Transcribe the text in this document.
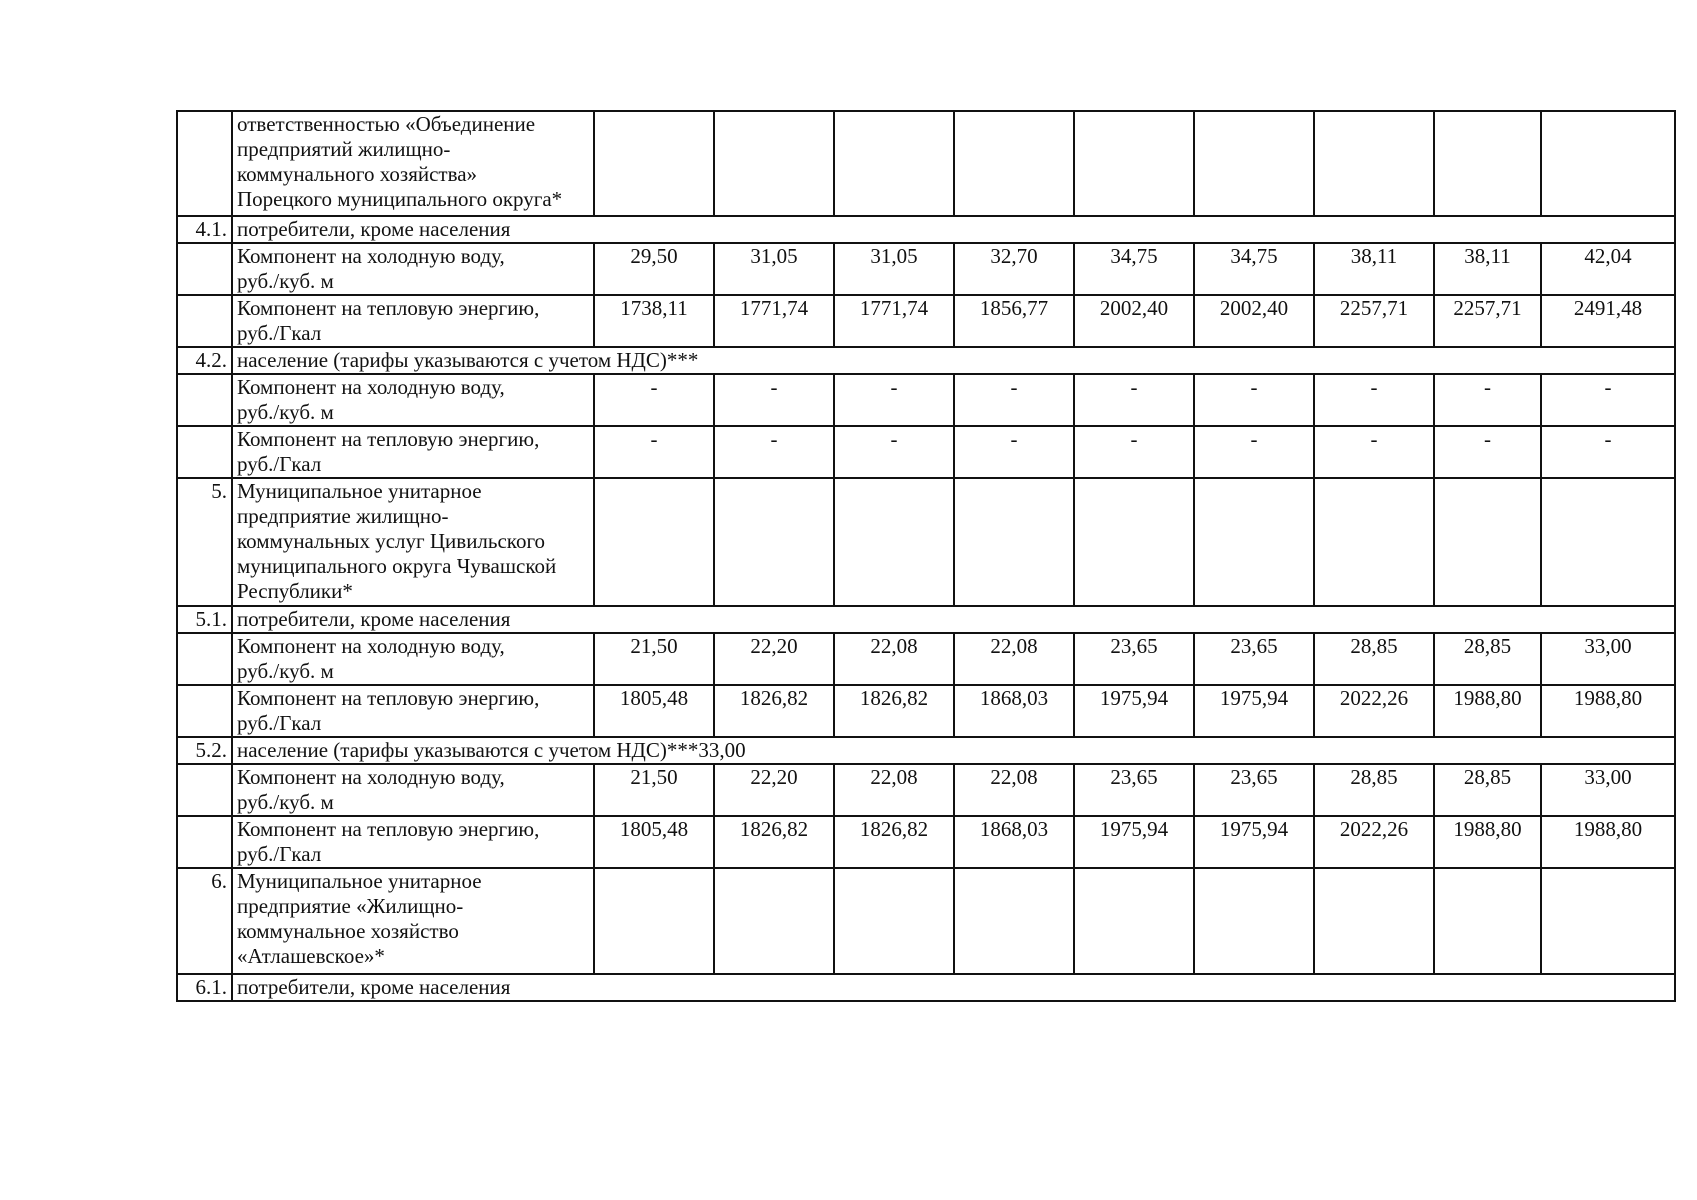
	ответственностью «Объединение
предприятий жилищно-
коммунального хозяйства»
Порецкого муниципального округа*									
4.1.	потребители, кроме населения									
	Компонент на холодную воду,
руб./куб. м	29,50	31,05	31,05	32,70	34,75	34,75	38,11	38,11	42,04
	Компонент на тепловую энергию,
руб./Гкал	1738,11	1771,74	1771,74	1856,77	2002,40	2002,40	2257,71	2257,71	2491,48
4.2.	население (тарифы указываются с учетом НДС)***									
	Компонент на холодную воду,
руб./куб. м	-	-	-	-	-	-	-	-	-
	Компонент на тепловую энергию,
руб./Гкал	-	-	-	-	-	-	-	-	-
5.	Муниципальное унитарное
предприятие жилищно-
коммунальных услуг Цивильского
муниципального округа Чувашской
Республики*									
5.1.	потребители, кроме населения									
	Компонент на холодную воду,
руб./куб. м	21,50	22,20	22,08	22,08	23,65	23,65	28,85	28,85	33,00
	Компонент на тепловую энергию,
руб./Гкал	1805,48	1826,82	1826,82	1868,03	1975,94	1975,94	2022,26	1988,80	1988,80
5.2.	население (тарифы указываются с учетом НДС)***33,00									
	Компонент на холодную воду,
руб./куб. м	21,50	22,20	22,08	22,08	23,65	23,65	28,85	28,85	33,00
	Компонент на тепловую энергию,
руб./Гкал	1805,48	1826,82	1826,82	1868,03	1975,94	1975,94	2022,26	1988,80	1988,80
6.	Муниципальное унитарное
предприятие «Жилищно-
коммунальное хозяйство
«Атлашевское»*									
6.1.	потребители, кроме населения									
